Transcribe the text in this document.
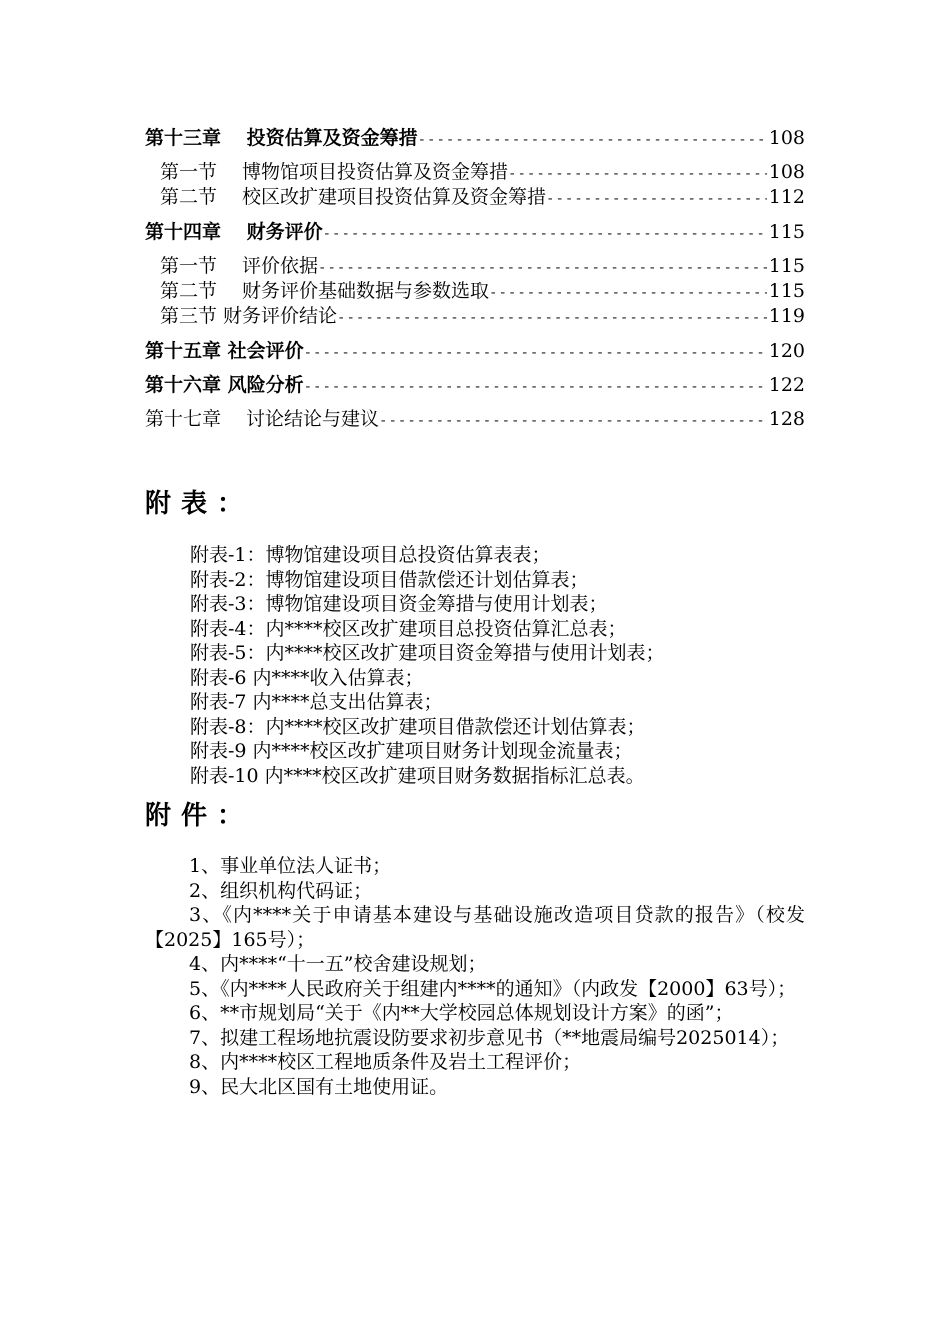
第十三章　 投资估算及资金筹措 -----	108
第一节　 博物馆项目投资估算及资金筹措 -----	108
第二节　 校区改扩建项目投资估算及资金筹措 -----	112
第十四章　 财务评价 -----	115
第一节　 评价依据 -----	115
第二节　 财务评价基础数据与参数选取 -----	115
第三节 财务评价结论 -----	119
第十五章 社会评价 -----	120
第十六章 风险分析 -----	122
第十七章　 讨论结论与建议 -----	128
附表：
附表-1：博物馆建设项目总投资估算表表；
附表-2：博物馆建设项目借款偿还计划估算表；
附表-3：博物馆建设项目资金筹措与使用计划表；
附表-4：内****校区改扩建项目总投资估算汇总表；
附表-5：内****校区改扩建项目资金筹措与使用计划表；
附表-6 内****收入估算表；
附表-7 内****总支出估算表；
附表-8：内****校区改扩建项目借款偿还计划估算表；
附表-9 内****校区改扩建项目财务计划现金流量表；
附表-10 内****校区改扩建项目财务数据指标汇总表。
附件：
1、事业单位法人证书；
2、组织机构代码证；
3、《内****关于申请基本建设与基础设施改造项目贷款的报告》（校发【2025】165号）；
4、内****“十一五”校舍建设规划；
5、《内****人民政府关于组建内****的通知》（内政发【2000】63号）；
6、**市规划局“关于《内**大学校园总体规划设计方案》的函”；
7、拟建工程场地抗震设防要求初步意见书（**地震局编号2025014）；
8、内****校区工程地质条件及岩土工程评价；
9、民大北区国有土地使用证。
